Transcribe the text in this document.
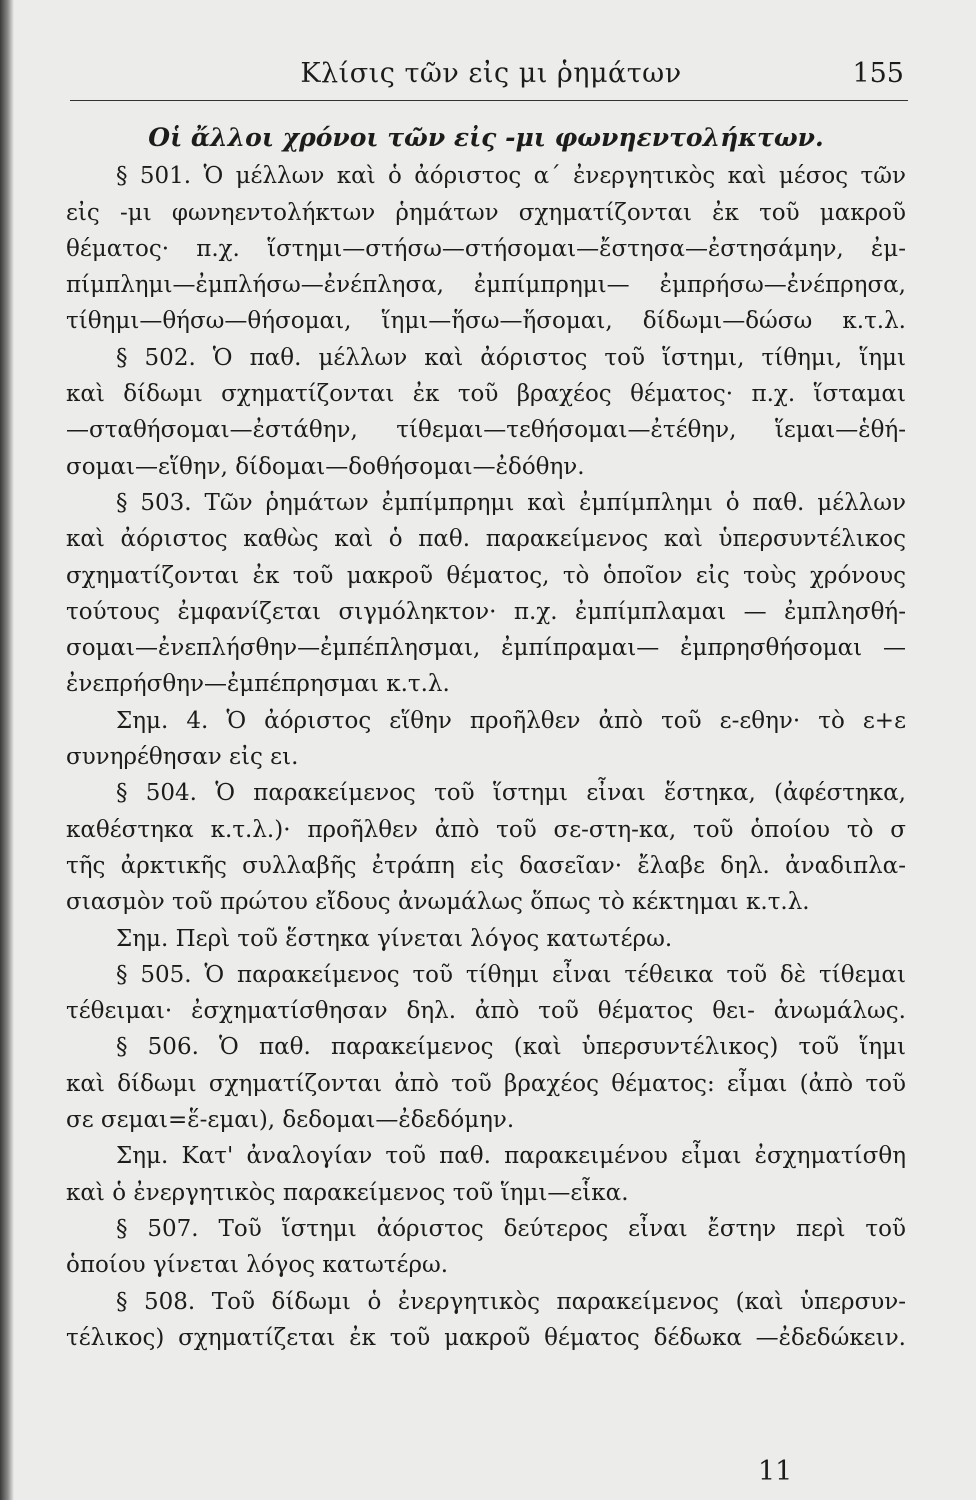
Κλίσις τῶν εἰς μι ῥημάτων	155
Οἱ ἄλλοι χρόνοι τῶν εἰς -μι φωνηεντολήκτων.
§ 501. Ὁ μέλλων καὶ ὁ ἀόριστος α΄ ἐνεργητικὸς καὶ μέσος τῶν
εἰς -μι φωνηεντολήκτων ῥημάτων σχηματίζονται ἐκ τοῦ μακροῦ
θέματος· π.χ. ἵστημι—στήσω—στήσομαι—ἔστησα—ἐστησάμην, ἐμ-
πίμπλημι—ἐμπλήσω—ἐνέπλησα, ἐμπίμπρημι— ἐμπρήσω—ἐνέπρησα,
τίθημι—θήσω—θήσομαι, ἵημι—ἥσω—ἥσομαι, δίδωμι—δώσω κ.τ.λ.
§ 502. Ὁ παθ. μέλλων καὶ ἀόριστος τοῦ ἵστημι, τίθημι, ἵημι
καὶ δίδωμι σχηματίζονται ἐκ τοῦ βραχέος θέματος· π.χ. ἵσταμαι
—σταθήσομαι—ἐστάθην, τίθεμαι—τεθήσομαι—ἐτέθην, ἵεμαι—ἑθή-
σομαι—εἵθην, δίδομαι—δοθήσομαι—ἐδόθην.
§ 503. Τῶν ῥημάτων ἐμπίμπρημι καὶ ἐμπίμπλημι ὁ παθ. μέλλων
καὶ ἀόριστος καθὼς καὶ ὁ παθ. παρακείμενος καὶ ὑπερσυντέλικος
σχηματίζονται ἐκ τοῦ μακροῦ θέματος, τὸ ὁποῖον εἰς τοὺς χρόνους
τούτους ἐμφανίζεται σιγμόληκτον· π.χ. ἐμπίμπλαμαι — ἐμπλησθή-
σομαι—ἐνεπλήσθην—ἐμπέπλησμαι, ἐμπίπραμαι— ἐμπρησθήσομαι —
ἐνεπρήσθην—ἐμπέπρησμαι κ.τ.λ.
Σημ. 4. Ὁ ἀόριστος εἵθην προῆλθεν ἀπὸ τοῦ ε-εθην· τὸ ε+ε
συνηρέθησαν εἰς ει.
§ 504. Ὁ παρακείμενος τοῦ ἵστημι εἶναι ἕστηκα, (ἀφέστηκα,
καθέστηκα κ.τ.λ.)· προῆλθεν ἀπὸ τοῦ σε-στη-κα, τοῦ ὁποίου τὸ σ
τῆς ἀρκτικῆς συλλαβῆς ἐτράπη εἰς δασεῖαν· ἔλαβε δηλ. ἀναδιπλα-
σιασμὸν τοῦ πρώτου εἴδους ἀνωμάλως ὅπως τὸ κέκτημαι κ.τ.λ.
Σημ. Περὶ τοῦ ἕστηκα γίνεται λόγος κατωτέρω.
§ 505. Ὁ παρακείμενος τοῦ τίθημι εἶναι τέθεικα τοῦ δὲ τίθεμαι
τέθειμαι· ἐσχηματίσθησαν δηλ. ἀπὸ τοῦ θέματος θει- ἀνωμάλως.
§ 506. Ὁ παθ. παρακείμενος (καὶ ὑπερσυντέλικος) τοῦ ἵημι
καὶ δίδωμι σχηματίζονται ἀπὸ τοῦ βραχέος θέματος: εἶμαι (ἀπὸ τοῦ
σε σεμαι=ἕ-εμαι), δεδομαι—ἐδεδόμην.
Σημ. Κατ' ἀναλογίαν τοῦ παθ. παρακειμένου εἶμαι ἐσχηματίσθη
καὶ ὁ ἐνεργητικὸς παρακείμενος τοῦ ἵημι—εἷκα.
§ 507. Τοῦ ἵστημι ἀόριστος δεύτερος εἶναι ἔστην περὶ τοῦ
ὁποίου γίνεται λόγος κατωτέρω.
§ 508. Τοῦ δίδωμι ὁ ἐνεργητικὸς παρακείμενος (καὶ ὑπερσυν-
τέλικος) σχηματίζεται ἐκ τοῦ μακροῦ θέματος δέδωκα —ἐδεδώκειν.
11
